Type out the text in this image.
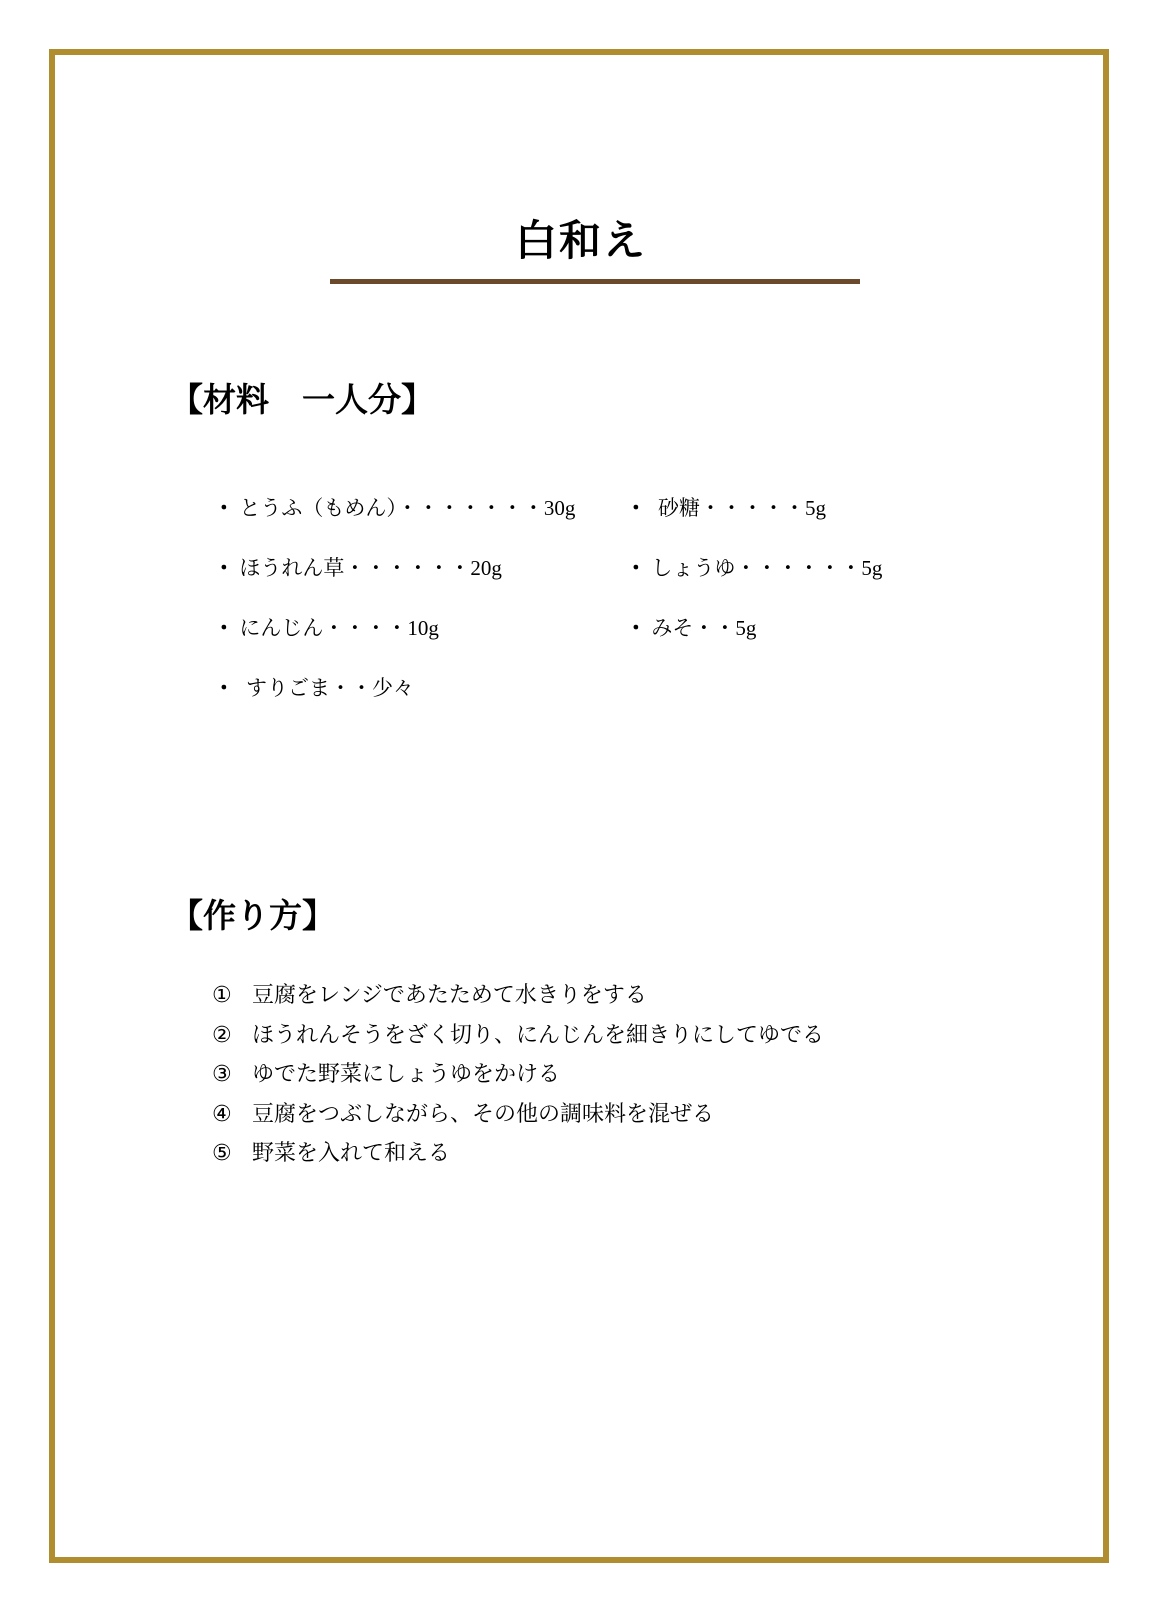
白和え
【材料　一人分】

・ とうふ（もめん）・・・・・・・30g

・ ほうれん草・・・・・・20g

・ にんじん・・・・10g

・ すりごま・・少々

・ 砂糖・・・・・5g

・ しょうゆ・・・・・・5g

・ みそ・・5g

【作り方】
① 豆腐をレンジであたためて水きりをする
② ほうれんそうをざく切り、にんじんを細きりにしてゆでる
③ ゆでた野菜にしょうゆをかける
④ 豆腐をつぶしながら、その他の調味料を混ぜる
⑤ 野菜を入れて和える
